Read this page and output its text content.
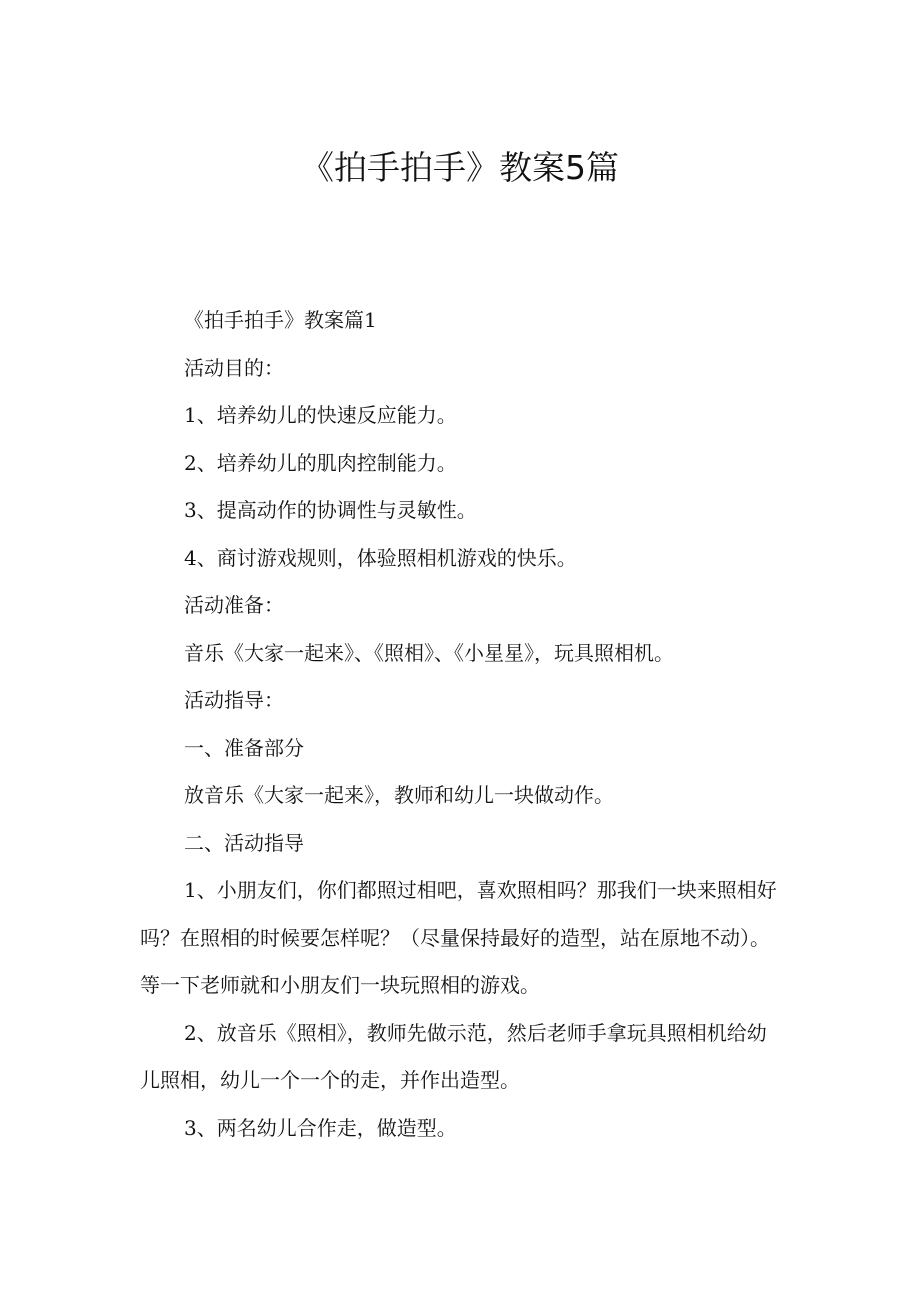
《拍手拍手》教案5篇

《拍手拍手》教案篇1

活动目的：

1、培养幼儿的快速反应能力。

2、培养幼儿的肌肉控制能力。

3、提高动作的协调性与灵敏性。

4、商讨游戏规则，体验照相机游戏的快乐。

活动准备：

音乐《大家一起来》、《照相》、《小星星》，玩具照相机。

活动指导：

一、准备部分

放音乐《大家一起来》，教师和幼儿一块做动作。

二、活动指导

1、小朋友们，你们都照过相吧，喜欢照相吗？那我们一块来照相好吗？在照相的时候要怎样呢？（尽量保持最好的造型，站在原地不动）。等一下老师就和小朋友们一块玩照相的游戏。

2、放音乐《照相》，教师先做示范，然后老师手拿玩具照相机给幼儿照相，幼儿一个一个的走，并作出造型。

3、两名幼儿合作走，做造型。
